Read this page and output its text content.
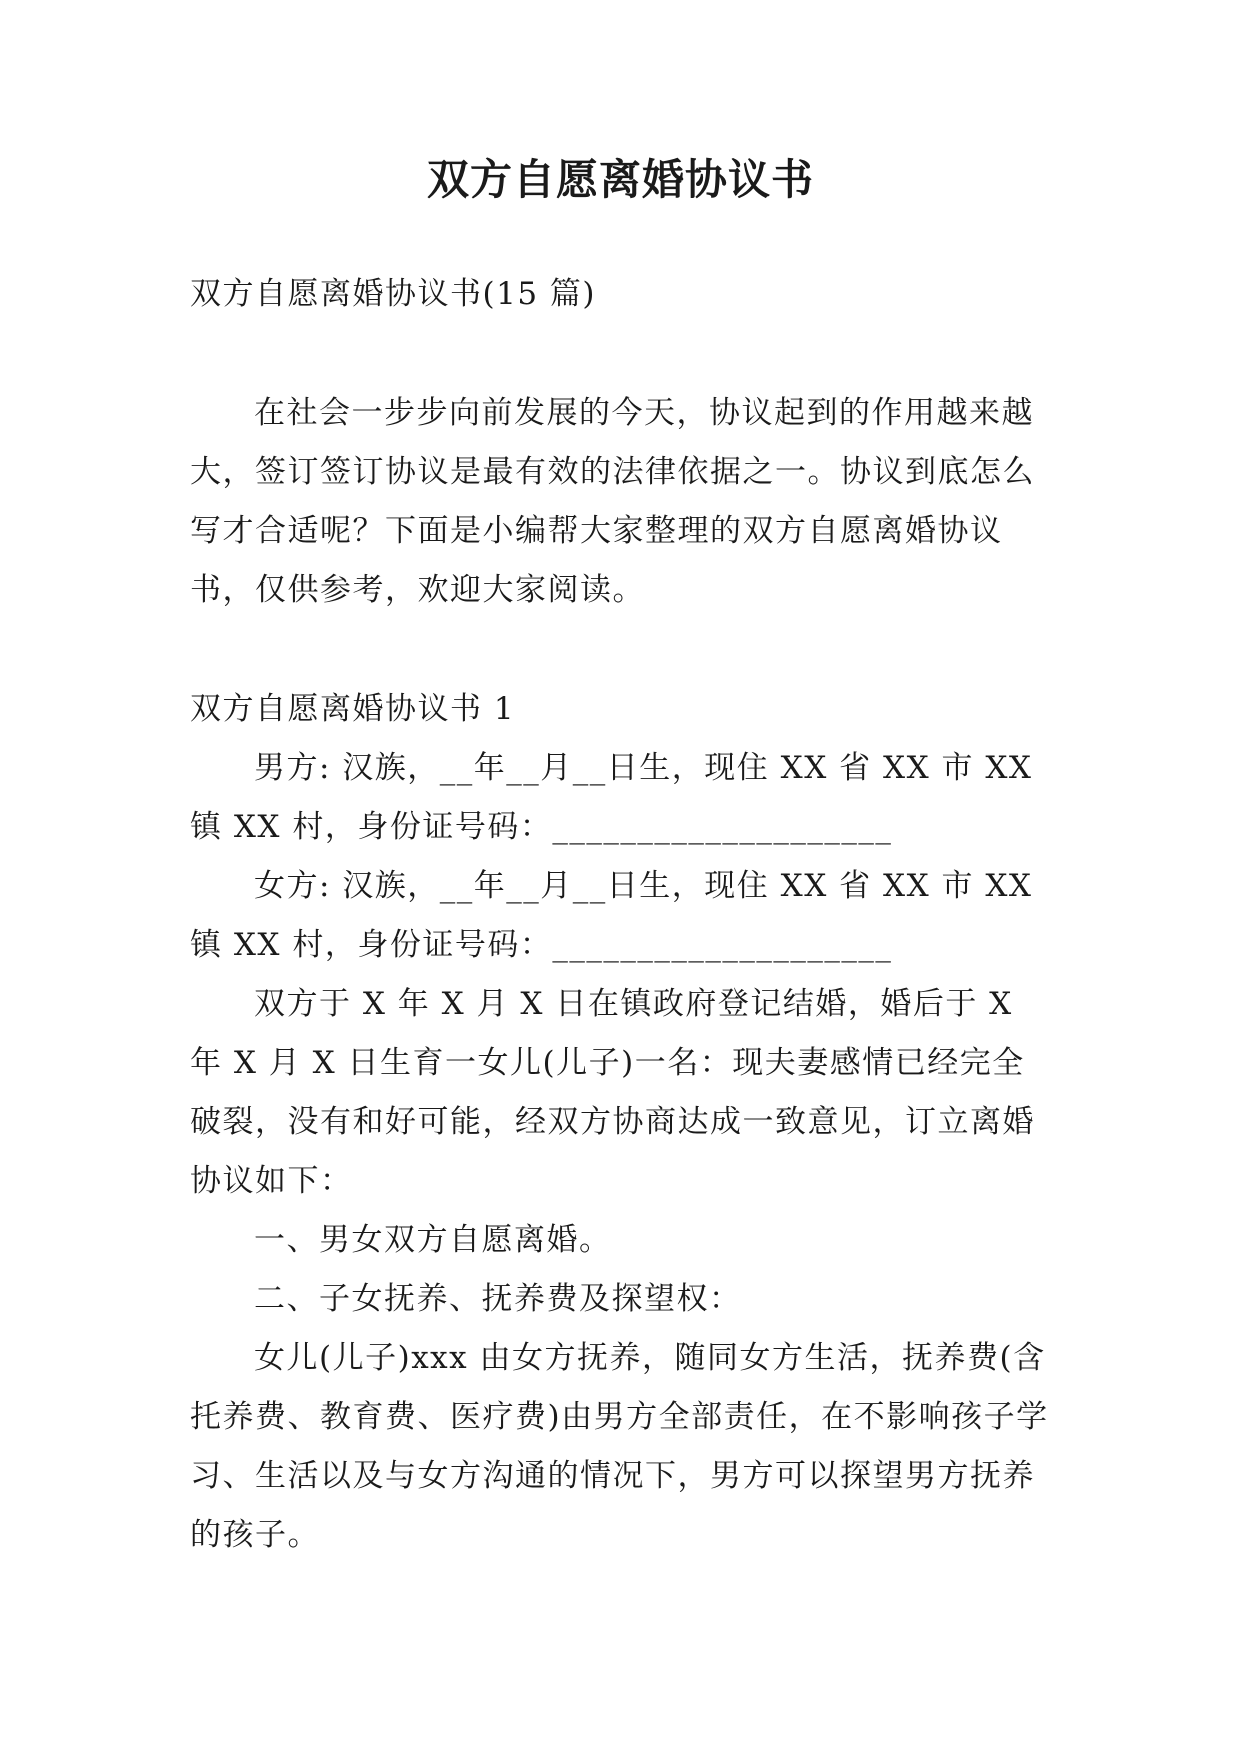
双方自愿离婚协议书

双方自愿离婚协议书(15 篇)

在社会一步步向前发展的今天，协议起到的作用越来越大，签订签订协议是最有效的法律依据之一。协议到底怎么写才合适呢？下面是小编帮大家整理的双方自愿离婚协议书，仅供参考，欢迎大家阅读。

双方自愿离婚协议书 1

男方: 汉族，__年__月__日生，现住 XX 省 XX 市 XX 镇 XX 村，身份证号码：____________________

女方: 汉族，__年__月__日生，现住 XX 省 XX 市 XX 镇 XX 村，身份证号码：____________________

双方于 X 年 X 月 X 日在镇政府登记结婚，婚后于 X 年 X 月 X 日生育一女儿(儿子)一名：现夫妻感情已经完全破裂，没有和好可能，经双方协商达成一致意见，订立离婚协议如下：

一、男女双方自愿离婚。

二、子女抚养、抚养费及探望权：

女儿(儿子)xxx 由女方抚养，随同女方生活，抚养费(含托养费、教育费、医疗费)由男方全部责任，在不影响孩子学习、生活以及与女方沟通的情况下，男方可以探望男方抚养的孩子。
